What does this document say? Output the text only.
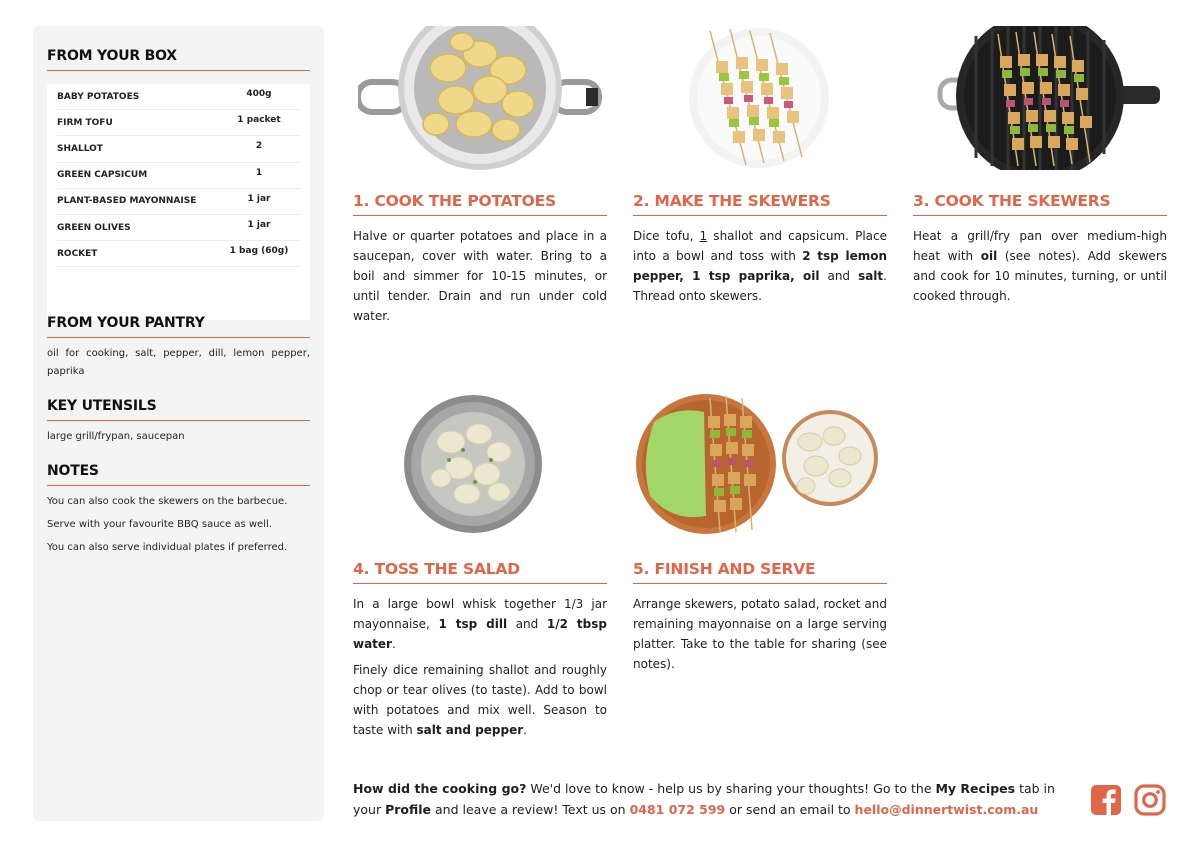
FROM YOUR BOX
BABY POTATOES	400g
FIRM TOFU	1 packet
SHALLOT	2
GREEN CAPSICUM	1
PLANT-BASED MAYONNAISE	1 jar
GREEN OLIVES	1 jar
ROCKET	1 bag (60g)
FROM YOUR PANTRY
oil for cooking, salt, pepper, dill, lemon pepper, paprika
KEY UTENSILS
large grill/frypan, saucepan
NOTES
You can also cook the skewers on the barbecue.
Serve with your favourite BBQ sauce as well.
You can also serve individual plates if preferred.
1. COOK THE POTATOES
Halve or quarter potatoes and place in a saucepan, cover with water. Bring to a boil and simmer for 10-15 minutes, or until tender. Drain and run under cold water.
2. MAKE THE SKEWERS
Dice tofu, 1 shallot and capsicum. Place into a bowl and toss with 2 tsp lemon pepper, 1 tsp paprika, oil and salt. Thread onto skewers.
3. COOK THE SKEWERS
Heat a grill/fry pan over medium-high heat with oil (see notes). Add skewers and cook for 10 minutes, turning, or until cooked through.
4. TOSS THE SALAD

In a large bowl whisk together 1/3 jar mayonnaise, 1 tsp dill and 1/2 tbsp water.

Finely dice remaining shallot and roughly chop or tear olives (to taste). Add to bowl with potatoes and mix well. Season to taste with salt and pepper.

5. FINISH AND SERVE
Arrange skewers, potato salad, rocket and remaining mayonnaise on a large serving platter. Take to the table for sharing (see notes).
How did the cooking go? We'd love to know - help us by sharing your thoughts! Go to the My Recipes tab in your Profile and leave a review! Text us on 0481 072 599 or send an email to hello@dinnertwist.com.au
